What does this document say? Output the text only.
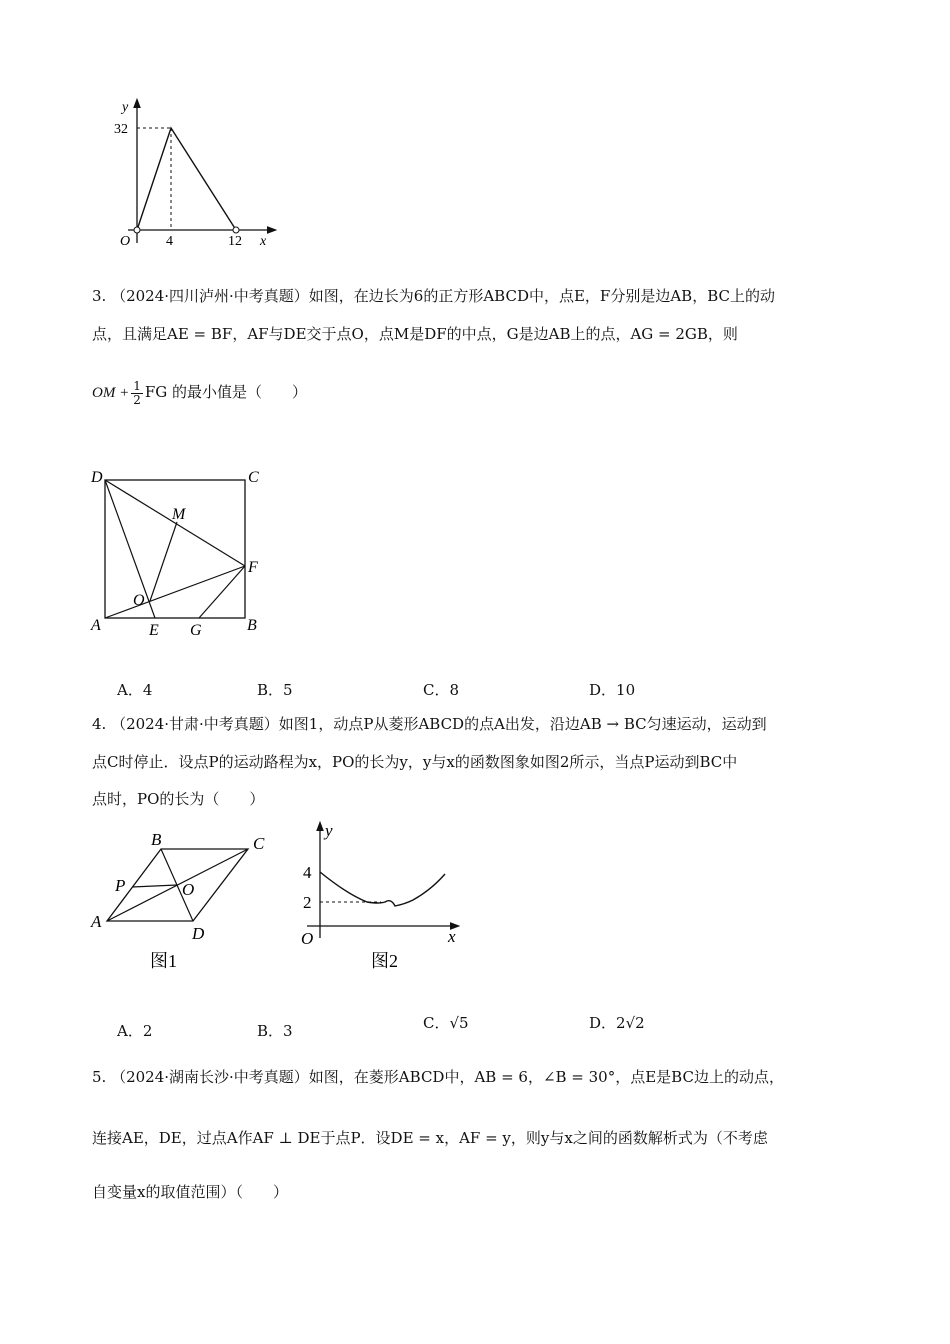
y
32
O	4	12 x
3. （2024·四川泸州·中考真题）如图，在边长为6的正方形ABCD中，点E，F分别是边AB，BC上的动
点，且满足AE = BF，AF与DE交于点O，点M是DF的中点，G是边AB上的点，AG = 2GB，则
OM + $\frac{1}{2}$ FG 的最小值是（　　）
D	C
M
F
O
A	E G	B
A．4	B．5	C．8	D．10
4. （2024·甘肃·中考真题）如图1，动点P从菱形ABCD的点A出发，沿边AB → BC匀速运动，运动到
点C时停止．设点P的运动路程为x，PO的长为y，y与x的函数图象如图2所示，当点P运动到BC中
点时，PO的长为（　　）
B	C
P	O
A
D
图1
y
4
2
O	x
图2
A．2	B．3	C．√5	D．2√2
5. （2024·湖南长沙·中考真题）如图，在菱形ABCD中，AB = 6，∠B = 30°，点E是BC边上的动点，
连接AE，DE，过点A作AF ⊥ DE于点P．设DE = x，AF = y，则y与x之间的函数解析式为（不考虑
自变量x的取值范围）（　　）
